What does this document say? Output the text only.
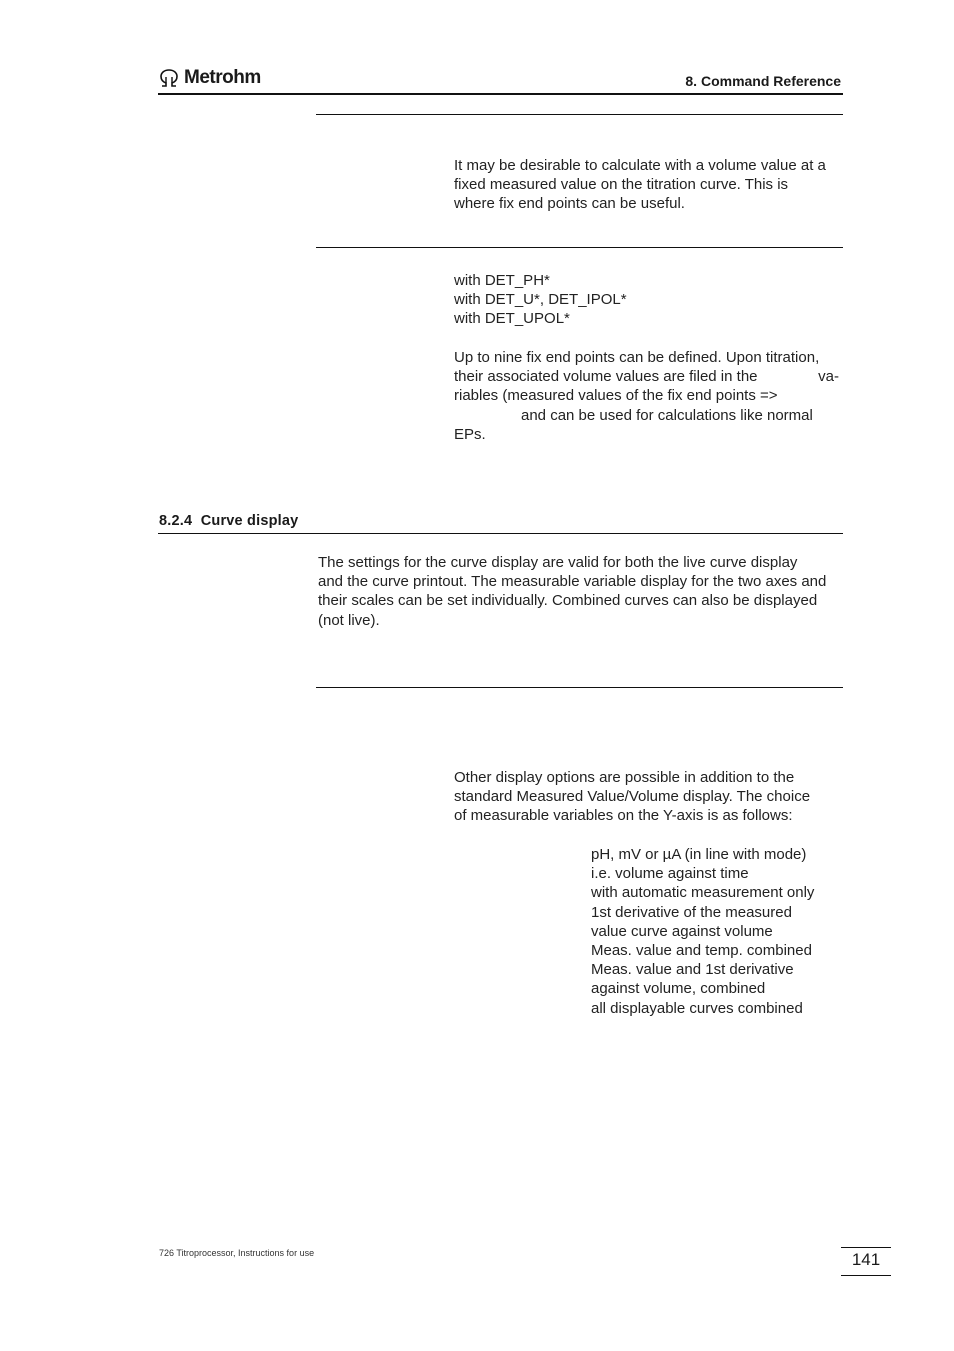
Metrohm	8. Command Reference
It may be desirable to calculate with a volume value at a
fixed measured value on the titration curve. This is
where fix end points can be useful.
with DET_PH*
with DET_U*, DET_IPOL*
with DET_UPOL*
Up to nine fix end points can be defined. Upon titration,
their associated volume values are filed in the	va-
riables (measured values of the fix end points =>
and can be used for calculations like normal
EPs.
8.2.4 Curve display
The settings for the curve display are valid for both the live curve display
and the curve printout. The measurable variable display for the two axes and
their scales can be set individually. Combined curves can also be displayed
(not live).
Other display options are possible in addition to the
standard Measured Value/Volume display. The choice
of measurable variables on the Y-axis is as follows:
pH, mV or µA (in line with mode)
i.e. volume against time
with automatic measurement only
1st derivative of the measured
value curve against volume
Meas. value and temp. combined
Meas. value and 1st derivative
against volume, combined
all displayable curves combined
726 Titroprocessor, Instructions for use	141
